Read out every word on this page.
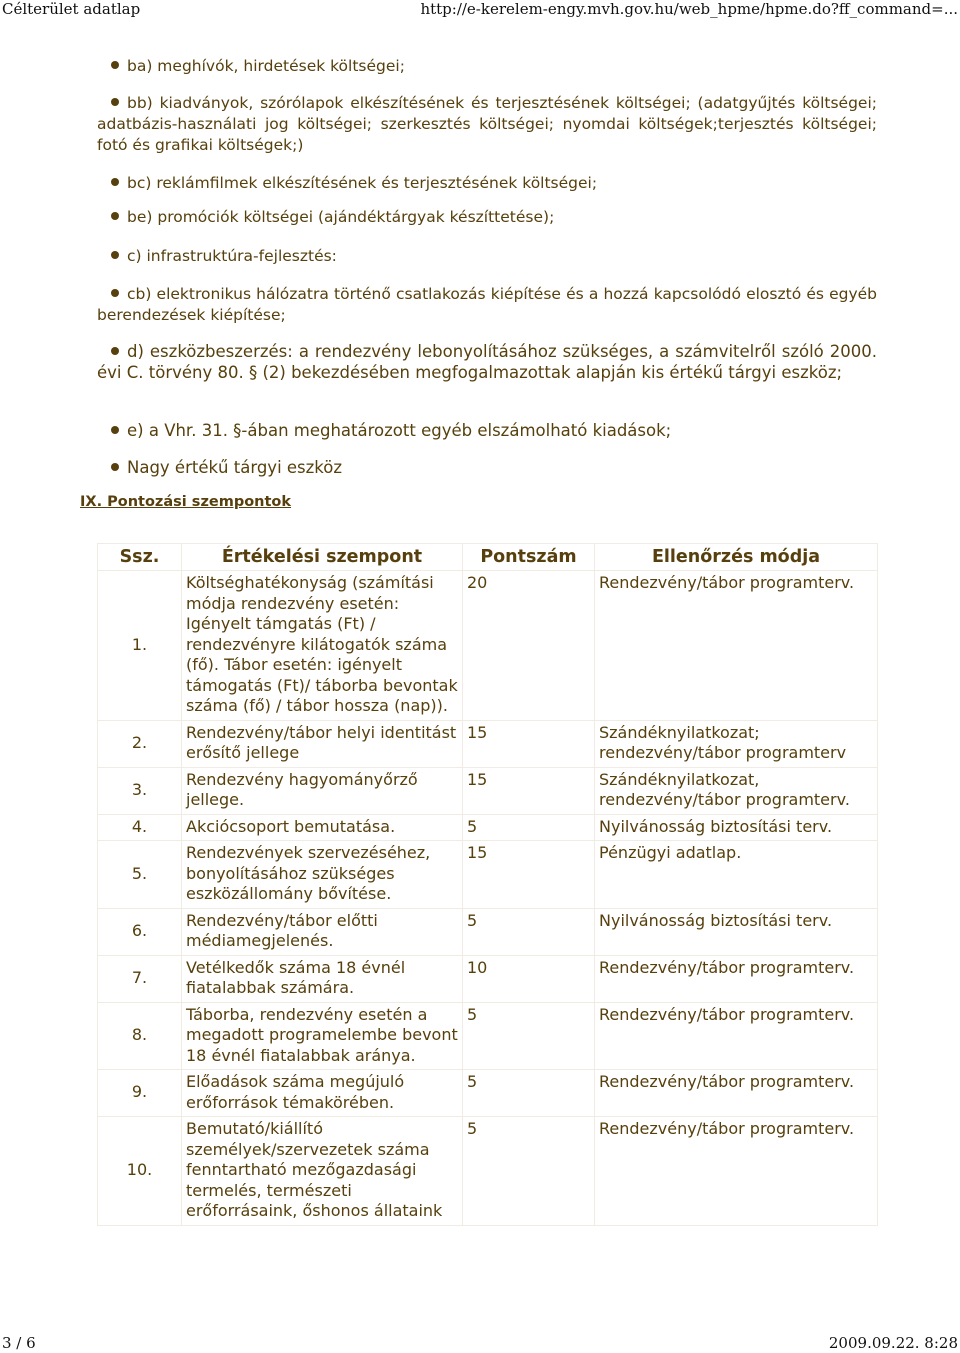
Célterület adatlap	http://e-kerelem-engy.mvh.gov.hu/web_hpme/hpme.do?ff_command=...
ba) meghívók, hirdetések költségei;
bb) kiadványok, szórólapok elkészítésének és terjesztésének költségei; (adatgyűjtés költségei; adatbázis-használati jog költségei; szerkesztés költségei; nyomdai költségek;terjesztés költségei; fotó és grafikai költségek;)
bc) reklámfilmek elkészítésének és terjesztésének költségei;
be) promóciók költségei (ajándéktárgyak készíttetése);
c) infrastruktúra-fejlesztés:
cb) elektronikus hálózatra történő csatlakozás kiépítése és a hozzá kapcsolódó elosztó és egyéb berendezések kiépítése;
d) eszközbeszerzés: a rendezvény lebonyolításához szükséges, a számvitelről szóló 2000. évi C. törvény 80. § (2) bekezdésében megfogalmazottak alapján kis értékű tárgyi eszköz;
e) a Vhr. 31. §-ában meghatározott egyéb elszámolható kiadások;
Nagy értékű tárgyi eszköz
IX. Pontozási szempontok
Ssz.	Értékelési szempont	Pontszám	Ellenőrzés módja
1.	Költséghatékonyság (számítási módja rendezvény esetén: Igényelt támgatás (Ft) / rendezvényre kilátogatók száma (fő). Tábor esetén: igényelt támogatás (Ft)/ táborba bevontak száma (fő) / tábor hossza (nap)).	20	Rendezvény/tábor programterv.
2.	Rendezvény/tábor helyi identitást erősítő jellege	15	Szándéknyilatkozat; rendezvény/tábor programterv
3.	Rendezvény hagyományőrző jellege.	15	Szándéknyilatkozat, rendezvény/tábor programterv.
4.	Akciócsoport bemutatása.	5	Nyilvánosság biztosítási terv.
5.	Rendezvények szervezéséhez, bonyolításához szükséges eszközállomány bővítése.	15	Pénzügyi adatlap.
6.	Rendezvény/tábor előtti médiamegjelenés.	5	Nyilvánosság biztosítási terv.
7.	Vetélkedők száma 18 évnél fiatalabbak számára.	10	Rendezvény/tábor programterv.
8.	Táborba, rendezvény esetén a megadott programelembe bevont 18 évnél fiatalabbak aránya.	5	Rendezvény/tábor programterv.
9.	Előadások száma megújuló erőforrások témakörében.	5	Rendezvény/tábor programterv.
10.	Bemutató/kiállító személyek/szervezetek száma fenntartható mezőgazdasági termelés, természeti erőforrásaink, őshonos állataink	5	Rendezvény/tábor programterv.
3 / 6	2009.09.22. 8:28
